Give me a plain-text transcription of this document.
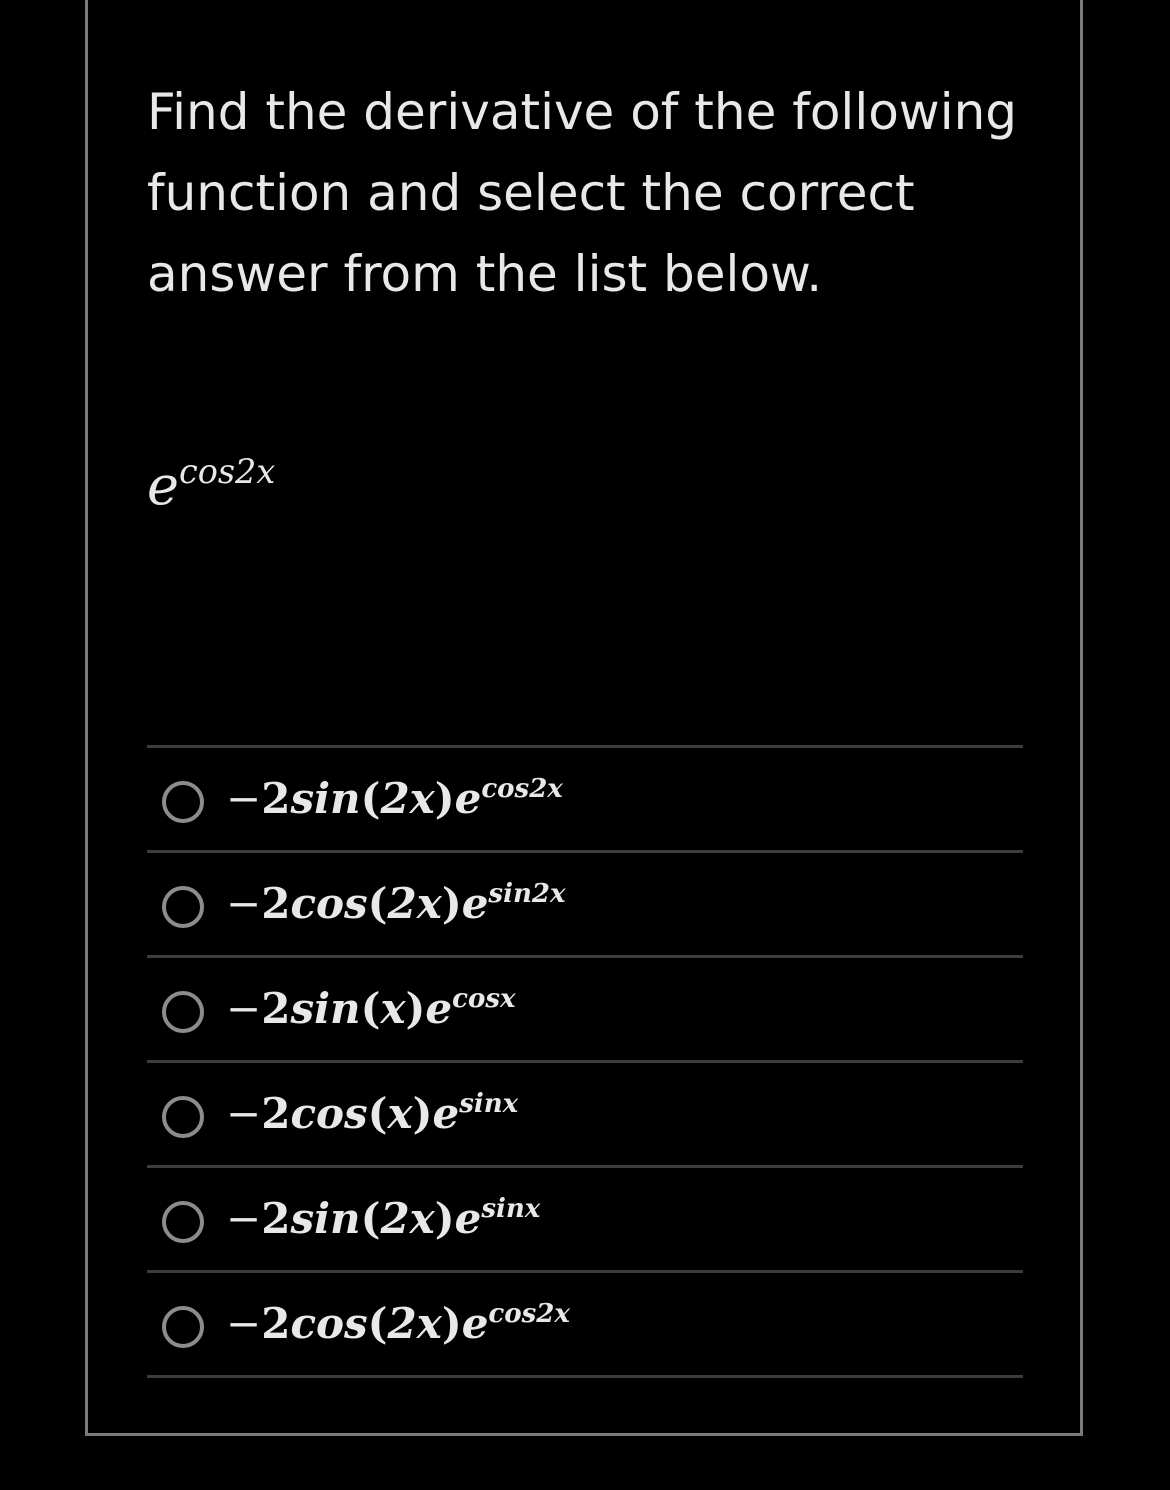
Find the derivative of the following function and select the correct answer from the list below.

$e^{cos2x}$
$-2\sin(2x)e^{cos2x}$
$-2\cos(2x)e^{sin2x}$
$-2\sin(x)e^{cosx}$
$-2\cos(x)e^{sinx}$
$-2\sin(2x)e^{sinx}$
$-2\cos(2x)e^{cos2x}$
